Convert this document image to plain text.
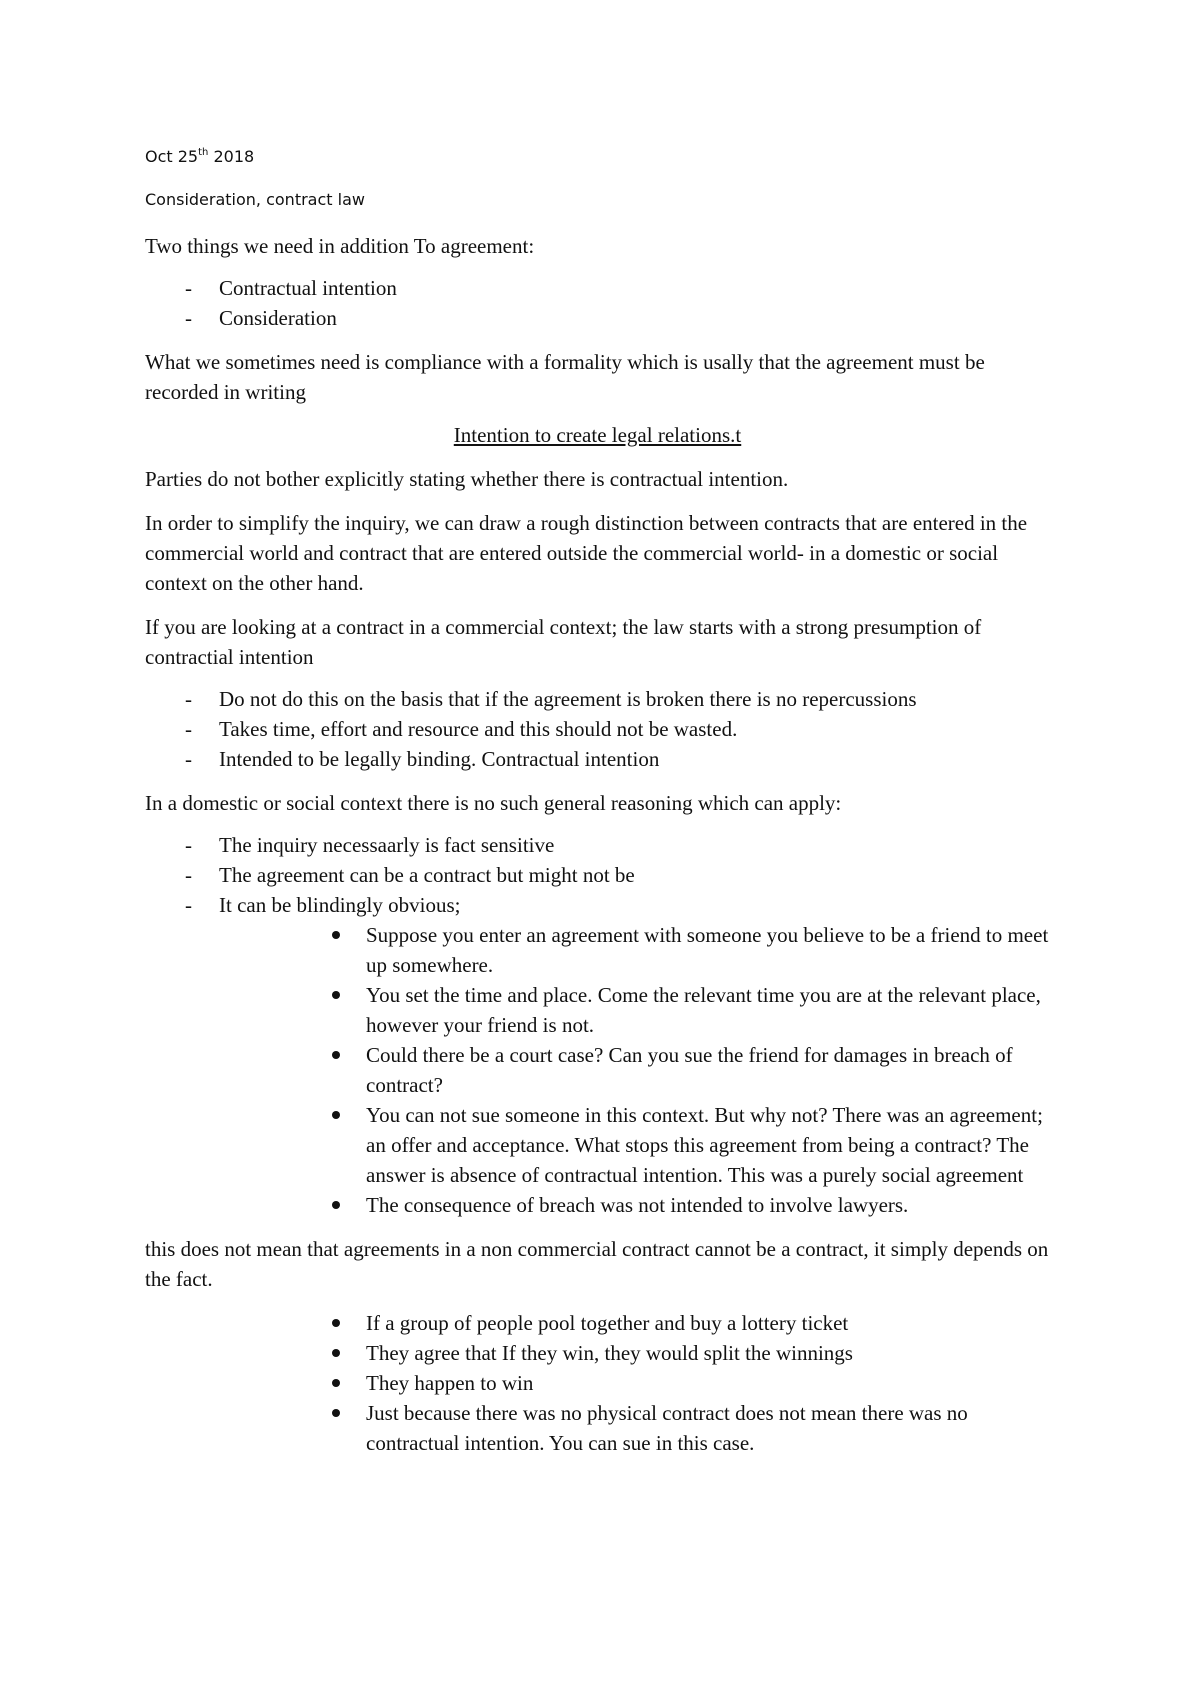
Oct 25th 2018

Consideration, contract law

Two things we need in addition To agreement:

- Contractual intention
- Consideration

What we sometimes need is compliance with a formality which is usally that the agreement must be recorded in writing

Intention to create legal relations.t

Parties do not bother explicitly stating whether there is contractual intention.

In order to simplify the inquiry, we can draw a rough distinction between contracts that are entered in the commercial world and contract that are entered outside the commercial world- in a domestic or social context on the other hand.

If you are looking at a contract in a commercial context; the law starts with a strong presumption of contractial intention

- Do not do this on the basis that if the agreement is broken there is no repercussions
- Takes time, effort and resource and this should not be wasted.
- Intended to be legally binding. Contractual intention

In a domestic or social context there is no such general reasoning which can apply:

- The inquiry necessaarly is fact sensitive
- The agreement can be a contract but might not be
- It can be blindingly obvious;
Suppose you enter an agreement with someone you believe to be a friend to meet up somewhere.
You set the time and place. Come the relevant time you are at the relevant place, however your friend is not.
Could there be a court case? Can you sue the friend for damages in breach of contract?
You can not sue someone in this context. But why not? There was an agreement; an offer and acceptance. What stops this agreement from being a contract? The answer is absence of contractual intention. This was a purely social agreement
The consequence of breach was not intended to involve lawyers.

this does not mean that agreements in a non commercial contract cannot be a contract, it simply depends on the fact.

If a group of people pool together and buy a lottery ticket
They agree that If they win, they would split the winnings
They happen to win
Just because there was no physical contract does not mean there was no contractual intention. You can sue in this case.
